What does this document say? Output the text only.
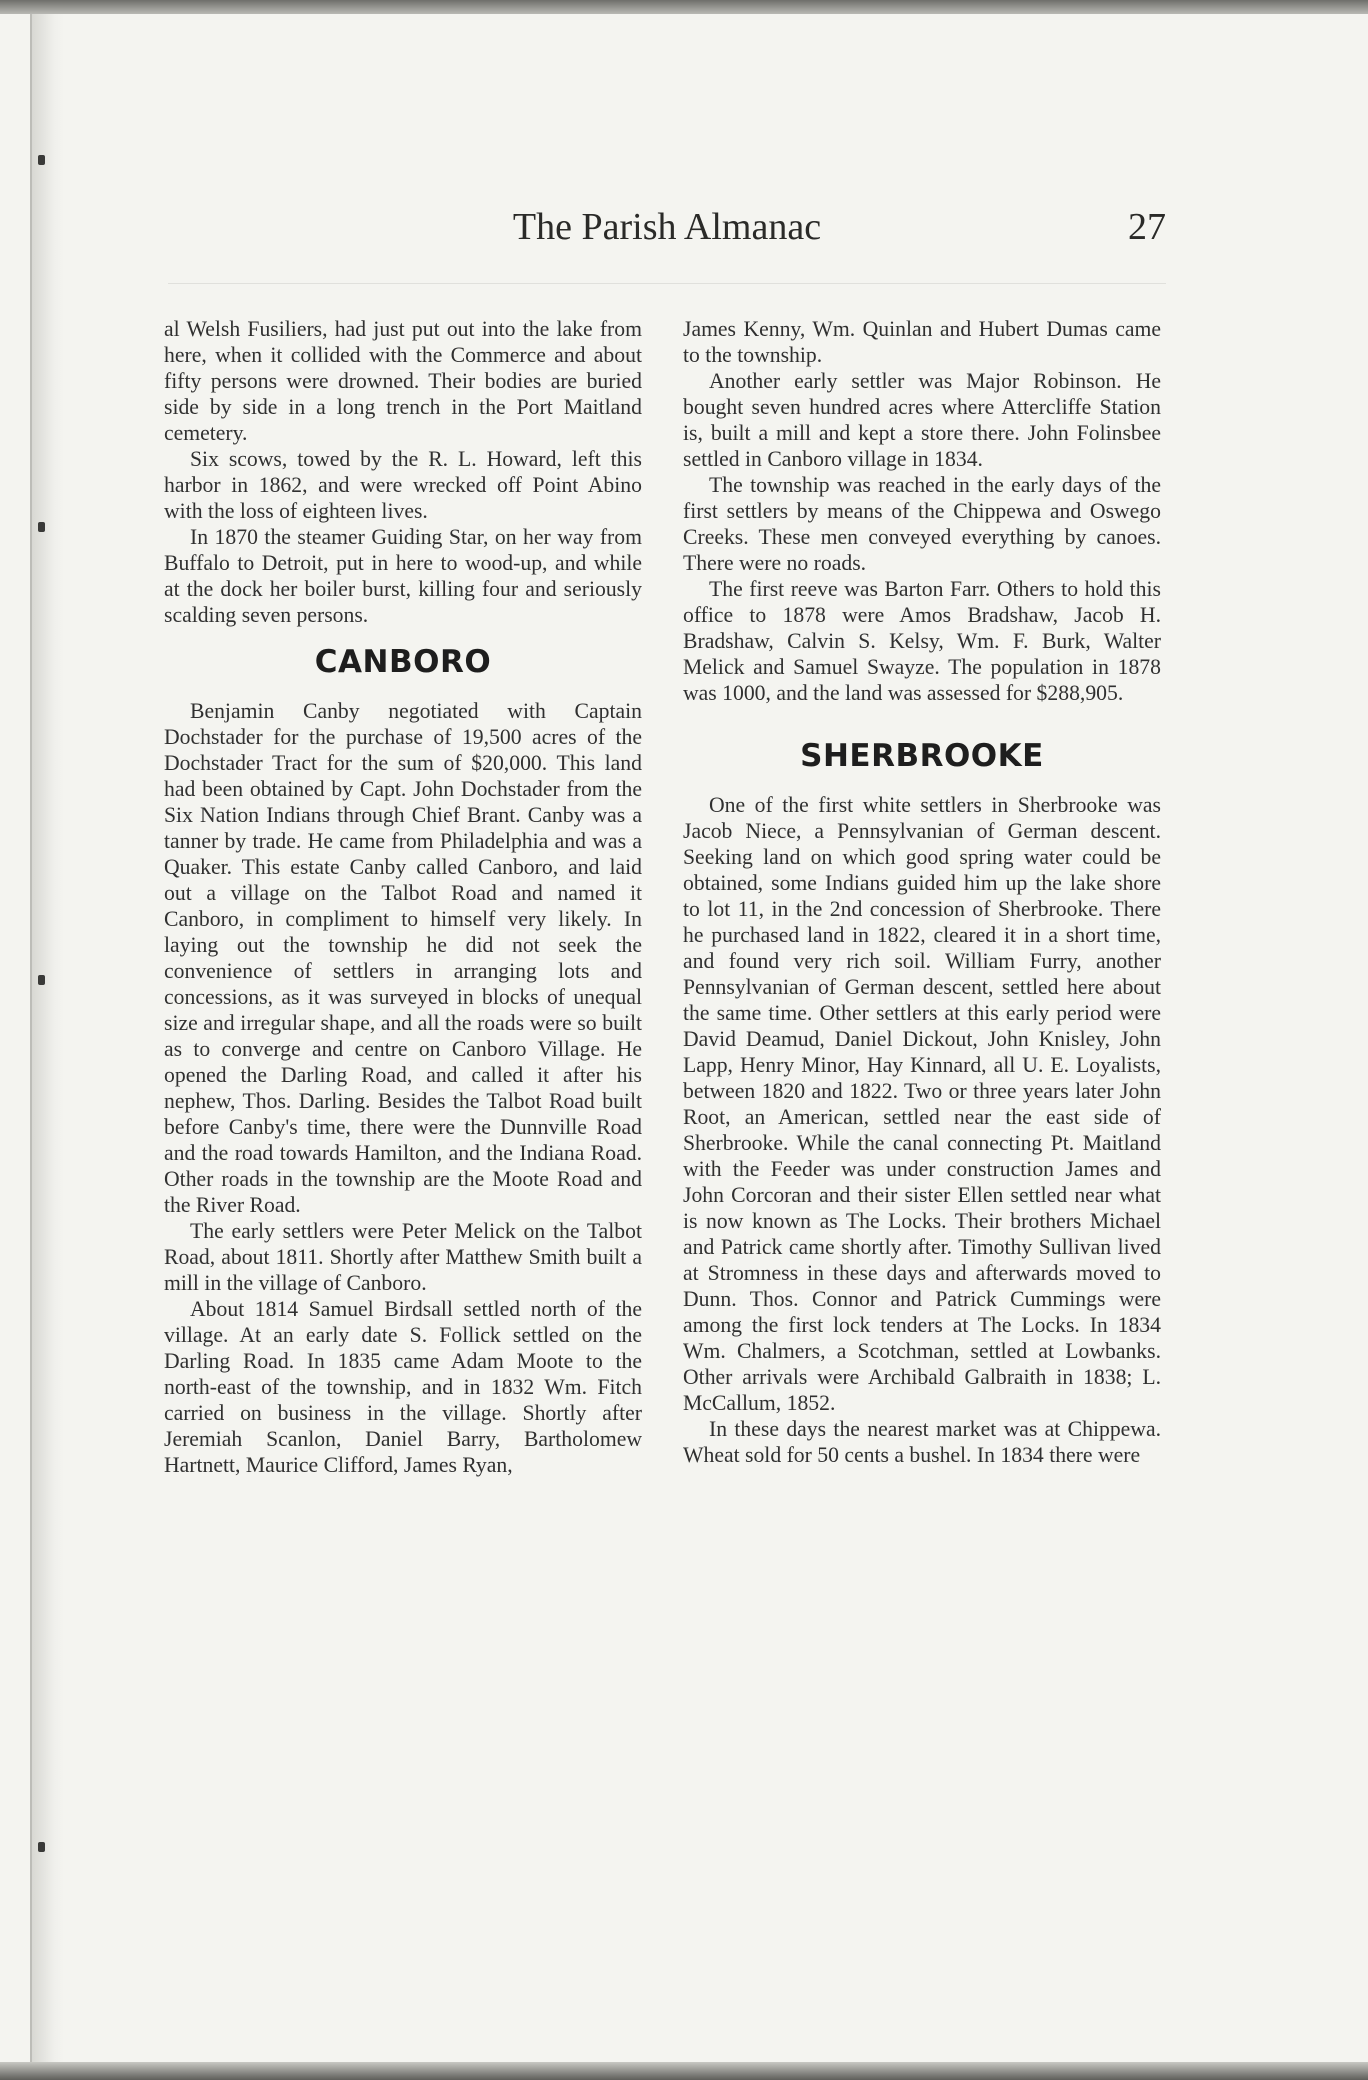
The Parish Almanac	27

al Welsh Fusiliers, had just put out into the lake from here, when it collided with the Commerce and about fifty persons were drowned. Their bodies are buried side by side in a long trench in the Port Maitland cemetery.

Six scows, towed by the R. L. Howard, left this harbor in 1862, and were wrecked off Point Abino with the loss of eighteen lives.

In 1870 the steamer Guiding Star, on her way from Buffalo to Detroit, put in here to wood-up, and while at the dock her boiler burst, killing four and seriously scalding seven persons.

CANBORO

Benjamin Canby negotiated with Captain Dochstader for the purchase of 19,500 acres of the Dochstader Tract for the sum of $20,000. This land had been obtained by Capt. John Dochstader from the Six Nation Indians through Chief Brant. Canby was a tanner by trade. He came from Philadelphia and was a Quaker. This estate Canby called Canboro, and laid out a village on the Talbot Road and named it Canboro, in compliment to himself very likely. In laying out the township he did not seek the convenience of settlers in arranging lots and concessions, as it was surveyed in blocks of unequal size and irregular shape, and all the roads were so built as to converge and centre on Canboro Village. He opened the Darling Road, and called it after his nephew, Thos. Darling. Besides the Talbot Road built before Canby's time, there were the Dunnville Road and the road towards Hamilton, and the Indiana Road. Other roads in the township are the Moote Road and the River Road.

The early settlers were Peter Melick on the Talbot Road, about 1811. Shortly after Matthew Smith built a mill in the village of Canboro.

About 1814 Samuel Birdsall settled north of the village. At an early date S. Follick settled on the Darling Road. In 1835 came Adam Moote to the north-east of the township, and in 1832 Wm. Fitch carried on business in the village. Shortly after Jeremiah Scanlon, Daniel Barry, Bartholomew Hartnett, Maurice Clifford, James Ryan,

James Kenny, Wm. Quinlan and Hubert Dumas came to the township.

Another early settler was Major Robinson. He bought seven hundred acres where Attercliffe Station is, built a mill and kept a store there. John Folinsbee settled in Canboro village in 1834.

The township was reached in the early days of the first settlers by means of the Chippewa and Oswego Creeks. These men conveyed everything by canoes. There were no roads.

The first reeve was Barton Farr. Others to hold this office to 1878 were Amos Bradshaw, Jacob H. Bradshaw, Calvin S. Kelsy, Wm. F. Burk, Walter Melick and Samuel Swayze. The population in 1878 was 1000, and the land was assessed for $288,905.

SHERBROOKE

One of the first white settlers in Sherbrooke was Jacob Niece, a Pennsylvanian of German descent. Seeking land on which good spring water could be obtained, some Indians guided him up the lake shore to lot 11, in the 2nd concession of Sherbrooke. There he purchased land in 1822, cleared it in a short time, and found very rich soil. William Furry, another Pennsylvanian of German descent, settled here about the same time. Other settlers at this early period were David Deamud, Daniel Dickout, John Knisley, John Lapp, Henry Minor, Hay Kinnard, all U. E. Loyalists, between 1820 and 1822. Two or three years later John Root, an American, settled near the east side of Sherbrooke. While the canal connecting Pt. Maitland with the Feeder was under construction James and John Corcoran and their sister Ellen settled near what is now known as The Locks. Their brothers Michael and Patrick came shortly after. Timothy Sullivan lived at Stromness in these days and afterwards moved to Dunn. Thos. Connor and Patrick Cummings were among the first lock tenders at The Locks. In 1834 Wm. Chalmers, a Scotchman, settled at Lowbanks. Other arrivals were Archibald Galbraith in 1838; L. McCallum, 1852.

In these days the nearest market was at Chippewa. Wheat sold for 50 cents a bushel. In 1834 there were
